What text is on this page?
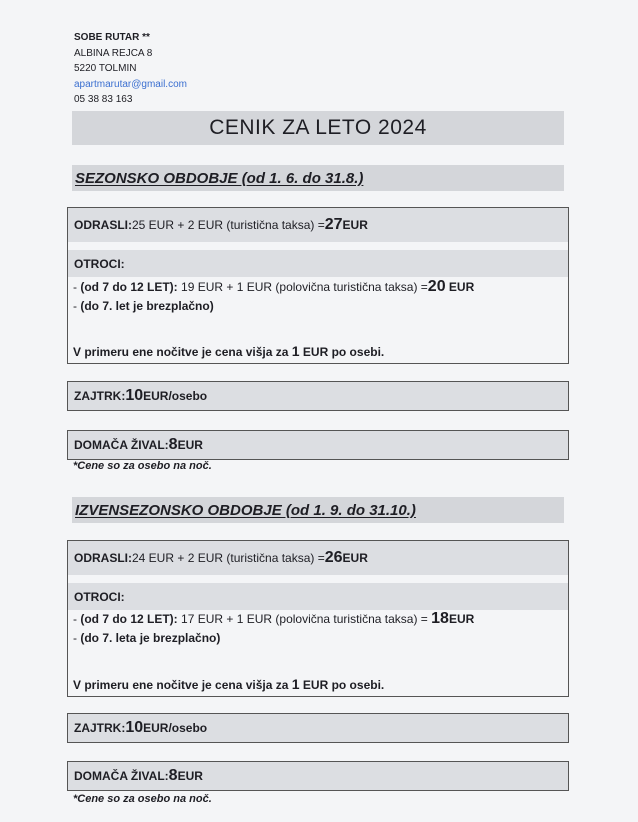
SOBE RUTAR **
ALBINA REJCA 8
5220 TOLMIN
apartmarutar@gmail.com
05 38 83 163
CENIK ZA LETO 2024
SEZONSKO OBDOBJE (od 1. 6. do 31.8.)
ODRASLI: 25 EUR + 2 EUR (turistična taksa) = 27 EUR
OTROCI:
- (od 7 do 12 LET): 19 EUR + 1 EUR (polovična turistična taksa) =20 EUR
- (do 7. let je brezplačno)
V primeru ene nočitve je cena višja za 1 EUR po osebi.
ZAJTRK: 10 EUR/osebo
DOMAČA ŽIVAL: 8 EUR
*Cene so za osebo na noč.
IZVENSEZONSKO OBDOBJE (od 1. 9. do 31.10.)
ODRASLI: 24 EUR + 2 EUR (turistična taksa) = 26 EUR
OTROCI:
- (od 7 do 12 LET): 17 EUR + 1 EUR (polovična turistična taksa) = 18EUR
- (do 7. leta je brezplačno)
V primeru ene nočitve je cena višja za 1 EUR po osebi.
ZAJTRK: 10 EUR/osebo
DOMAČA ŽIVAL: 8 EUR
*Cene so za osebo na noč.
